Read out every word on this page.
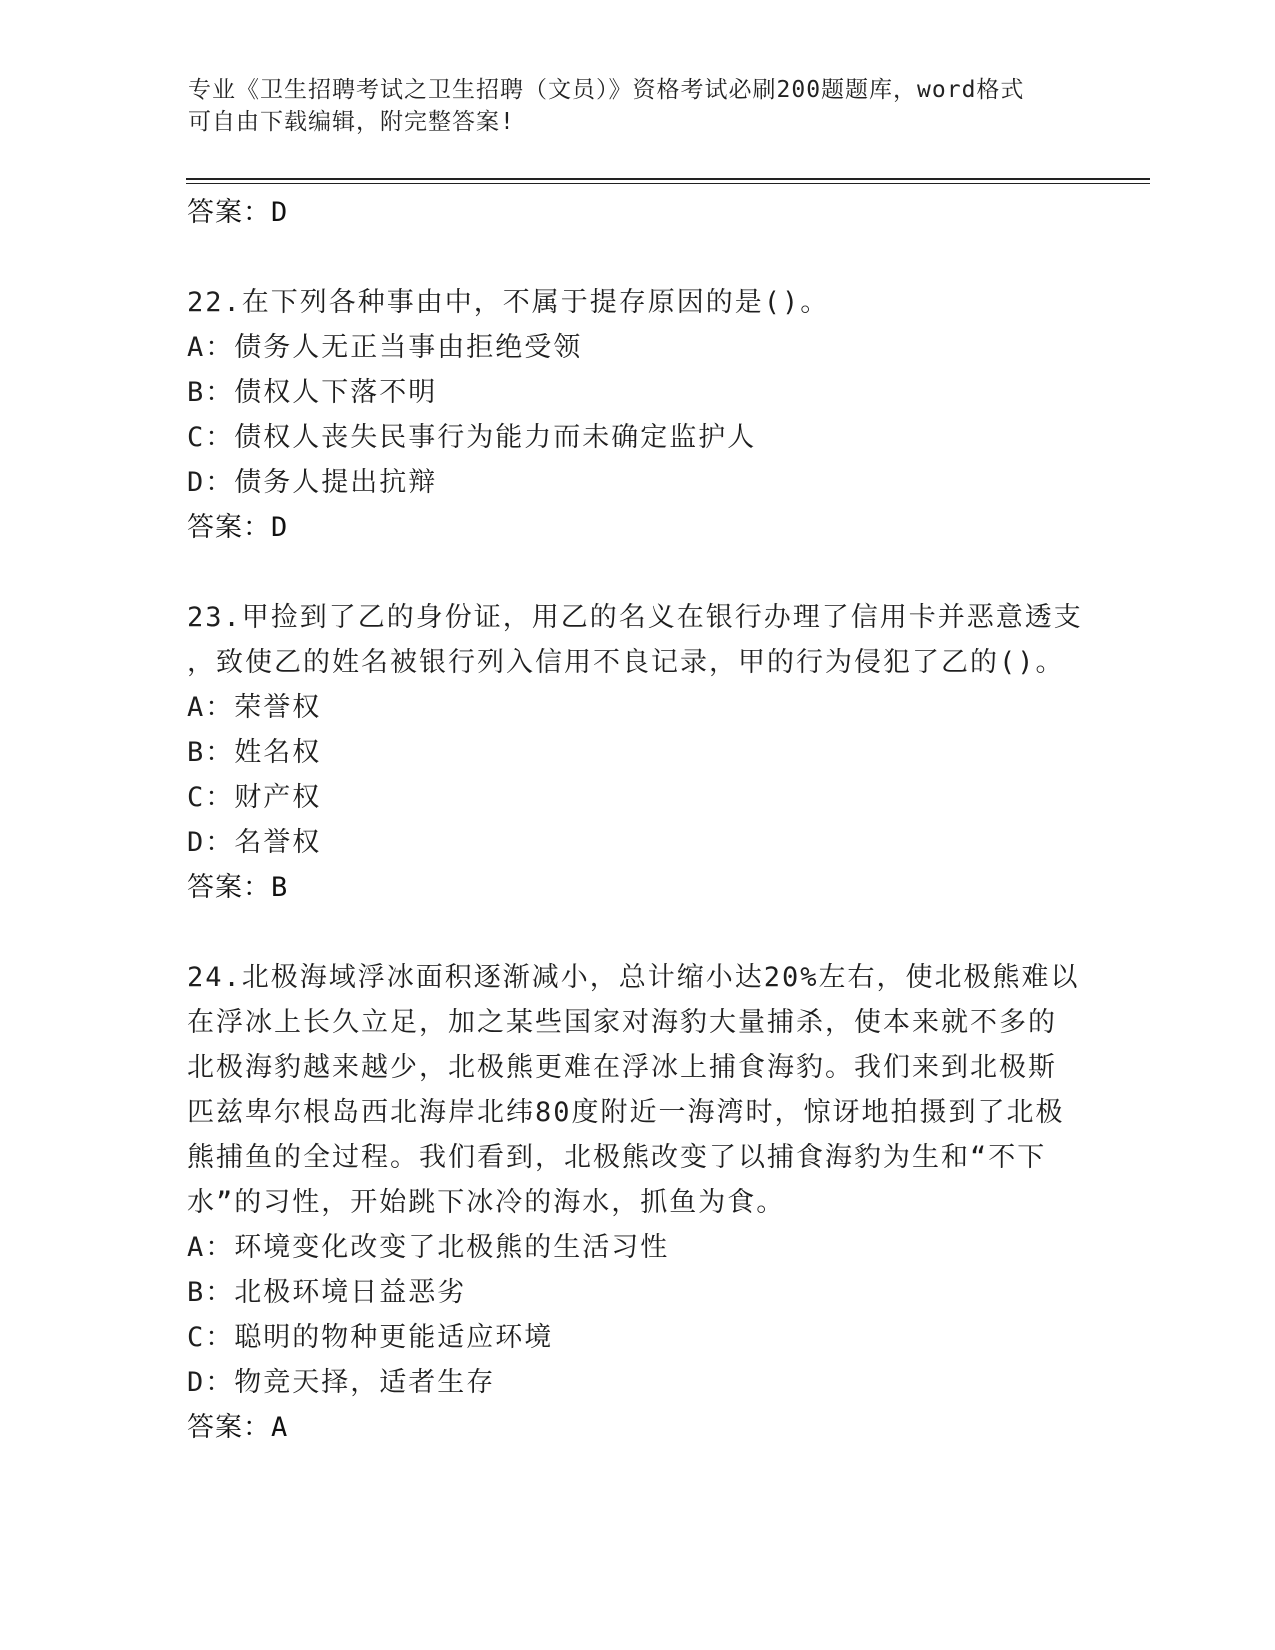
专业《卫生招聘考试之卫生招聘（文员）》资格考试必刷200题题库，word格式
可自由下载编辑，附完整答案!
答案：D
22.在下列各种事由中，不属于提存原因的是()。
A：债务人无正当事由拒绝受领
B：债权人下落不明
C：债权人丧失民事行为能力而未确定监护人
D：债务人提出抗辩
答案：D
23.甲捡到了乙的身份证，用乙的名义在银行办理了信用卡并恶意透支
，致使乙的姓名被银行列入信用不良记录，甲的行为侵犯了乙的()。
A：荣誉权
B：姓名权
C：财产权
D：名誉权
答案：B
24.北极海域浮冰面积逐渐减小，总计缩小达20%左右，使北极熊难以
在浮冰上长久立足，加之某些国家对海豹大量捕杀，使本来就不多的
北极海豹越来越少，北极熊更难在浮冰上捕食海豹。我们来到北极斯
匹兹卑尔根岛西北海岸北纬80度附近一海湾时，惊讶地拍摄到了北极
熊捕鱼的全过程。我们看到，北极熊改变了以捕食海豹为生和“不下
水”的习性，开始跳下冰冷的海水，抓鱼为食。
A：环境变化改变了北极熊的生活习性
B：北极环境日益恶劣
C：聪明的物种更能适应环境
D：物竞天择，适者生存
答案：A
